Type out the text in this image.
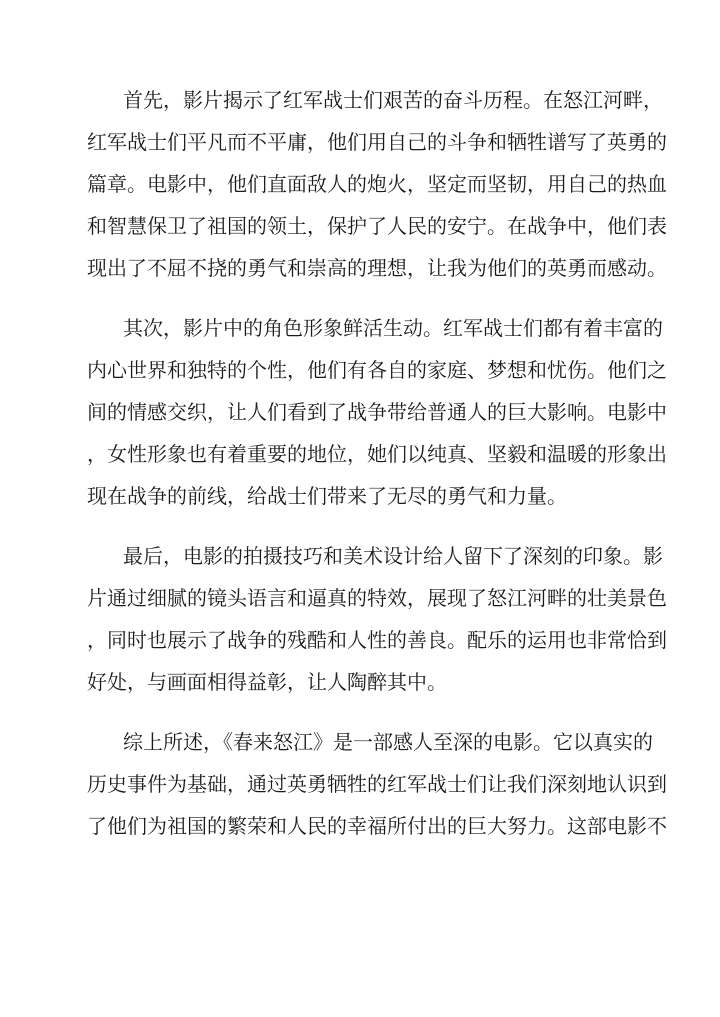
首先，影片揭示了红军战士们艰苦的奋斗历程。在怒江河畔，
红军战士们平凡而不平庸，他们用自己的斗争和牺牲谱写了英勇的
篇章。电影中，他们直面敌人的炮火，坚定而坚韧，用自己的热血
和智慧保卫了祖国的领土，保护了人民的安宁。在战争中，他们表
现出了不屈不挠的勇气和崇高的理想，让我为他们的英勇而感动。
其次，影片中的角色形象鲜活生动。红军战士们都有着丰富的
内心世界和独特的个性，他们有各自的家庭、梦想和忧伤。他们之
间的情感交织，让人们看到了战争带给普通人的巨大影响。电影中
，女性形象也有着重要的地位，她们以纯真、坚毅和温暖的形象出
现在战争的前线，给战士们带来了无尽的勇气和力量。
最后，电影的拍摄技巧和美术设计给人留下了深刻的印象。影
片通过细腻的镜头语言和逼真的特效，展现了怒江河畔的壮美景色
，同时也展示了战争的残酷和人性的善良。配乐的运用也非常恰到
好处，与画面相得益彰，让人陶醉其中。
综上所述，《春来怒江》是一部感人至深的电影。它以真实的
历史事件为基础，通过英勇牺牲的红军战士们让我们深刻地认识到
了他们为祖国的繁荣和人民的幸福所付出的巨大努力。这部电影不
